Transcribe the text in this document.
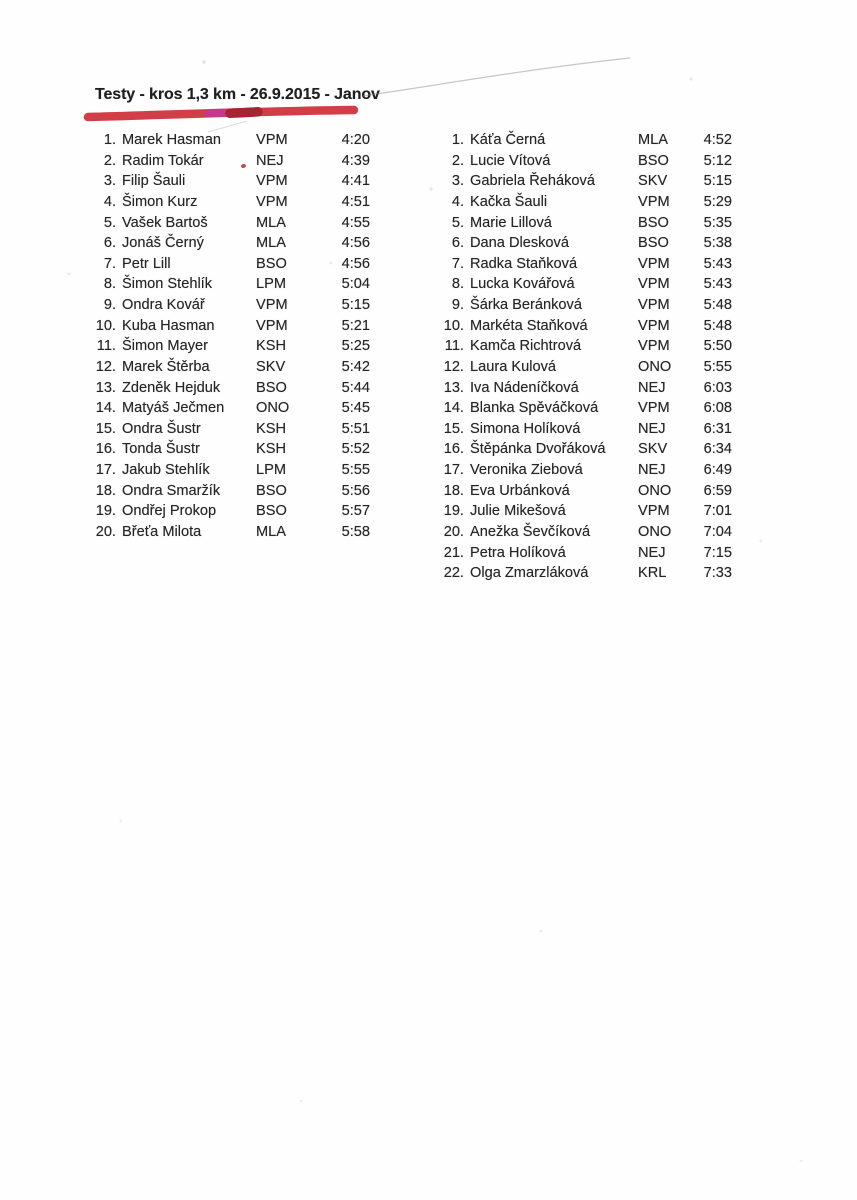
Testy - kros 1,3 km - 26.9.2015 - Janov
1. Marek Hasman	VPM	4:20
2. Radim Tokár	NEJ	4:39
3. Filip Šauli	VPM	4:41
4. Šimon Kurz	VPM	4:51
5. Vašek Bartoš	MLA	4:55
6. Jonáš Černý	MLA	4:56
7. Petr Lill	BSO	4:56
8. Šimon Stehlík	LPM	5:04
9. Ondra Kovář	VPM	5:15
10. Kuba Hasman	VPM	5:21
11. Šimon Mayer	KSH	5:25
12. Marek Štěrba	SKV	5:42
13. Zdeněk Hejduk	BSO	5:44
14. Matyáš Ječmen	ONO	5:45
15. Ondra Šustr	KSH	5:51
16. Tonda Šustr	KSH	5:52
17. Jakub Stehlík	LPM	5:55
18. Ondra Smaržík	BSO	5:56
19. Ondřej Prokop	BSO	5:57
20. Břeťa Milota	MLA	5:58
1. Káťa Černá	MLA	4:52
2. Lucie Vítová	BSO	5:12
3. Gabriela Řeháková	SKV	5:15
4. Kačka Šauli	VPM	5:29
5. Marie Lillová	BSO	5:35
6. Dana Dlesková	BSO	5:38
7. Radka Staňková	VPM	5:43
8. Lucka Kovářová	VPM	5:43
9. Šárka Beránková	VPM	5:48
10. Markéta Staňková	VPM	5:48
11. Kamča Richtrová	VPM	5:50
12. Laura Kulová	ONO	5:55
13. Iva Nádeníčková	NEJ	6:03
14. Blanka Spěváčková	VPM	6:08
15. Simona Holíková	NEJ	6:31
16. Štěpánka Dvořáková	SKV	6:34
17. Veronika Ziebová	NEJ	6:49
18. Eva Urbánková	ONO	6:59
19. Julie Mikešová	VPM	7:01
20. Anežka Ševčíková	ONO	7:04
21. Petra Holíková	NEJ	7:15
22. Olga Zmarzláková	KRL	7:33
